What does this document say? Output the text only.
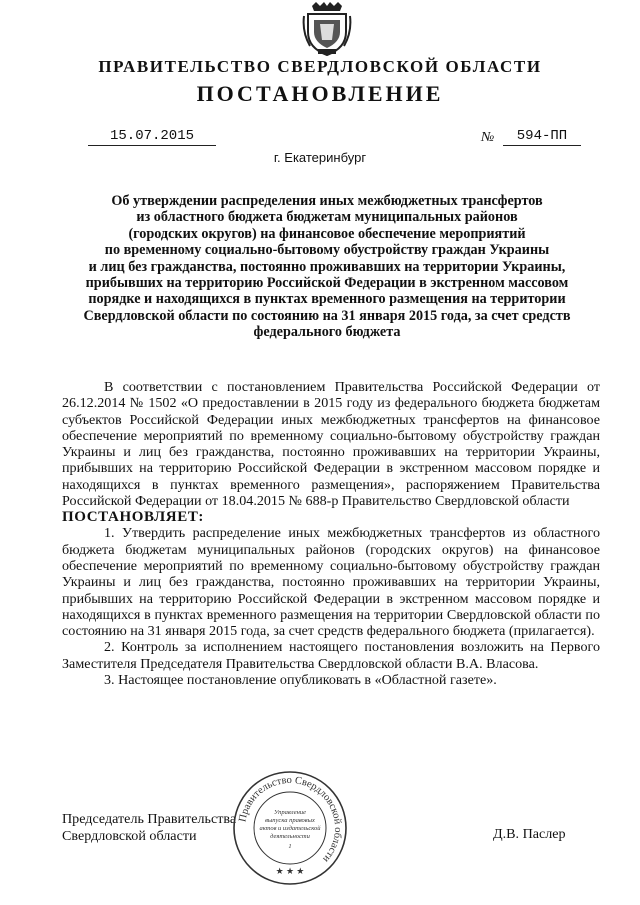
ПРАВИТЕЛЬСТВО СВЕРДЛОВСКОЙ ОБЛАСТИ
ПОСТАНОВЛЕНИЕ
15.07.2015	№	594-ПП
г. Екатеринбург
Об утверждении распределения иных межбюджетных трансфертов
из областного бюджета бюджетам муниципальных районов
(городских округов) на финансовое обеспечение мероприятий
по временному социально-бытовому обустройству граждан Украины
и лиц без гражданства, постоянно проживавших на территории Украины,
прибывших на территорию Российской Федерации в экстренном массовом
порядке и находящихся в пунктах временного размещения на территории
Свердловской области по состоянию на 31 января 2015 года, за счет средств
федерального бюджета

В соответствии с постановлением Правительства Российской Федерации от 26.12.2014 № 1502 «О предоставлении в 2015 году из федерального бюджета бюджетам субъектов Российской Федерации иных межбюджетных трансфертов на финансовое обеспечение мероприятий по временному социально-бытовому обустройству граждан Украины и лиц без гражданства, постоянно проживавших на территории Украины, прибывших на территорию Российской Федерации в экстренном массовом порядке и находящихся в пунктах временного размещения», распоряжением Правительства Российской Федерации от 18.04.2015 № 688-р Правительство Свердловской области

ПОСТАНОВЛЯЕТ:

1. Утвердить распределение иных межбюджетных трансфертов из областного бюджета бюджетам муниципальных районов (городских округов) на финансовое обеспечение мероприятий по временному социально-бытовому обустройству граждан Украины и лиц без гражданства, постоянно проживавших на территории Украины, прибывших на территорию Российской Федерации в экстренном массовом порядке и находящихся в пунктах временного размещения на территории Свердловской области по состоянию на 31 января 2015 года, за счет средств федерального бюджета (прилагается).

2. Контроль за исполнением настоящего постановления возложить на Первого Заместителя Председателя Правительства Свердловской области В.А. Власова.

3. Настоящее постановление опубликовать в «Областной газете».

Председатель Правительства
Свердловской области	Д.В. Паслер
Правительство Свердловской области
Управление
выпуска правовых
актов и издательской
деятельности
1
★ ★ ★
